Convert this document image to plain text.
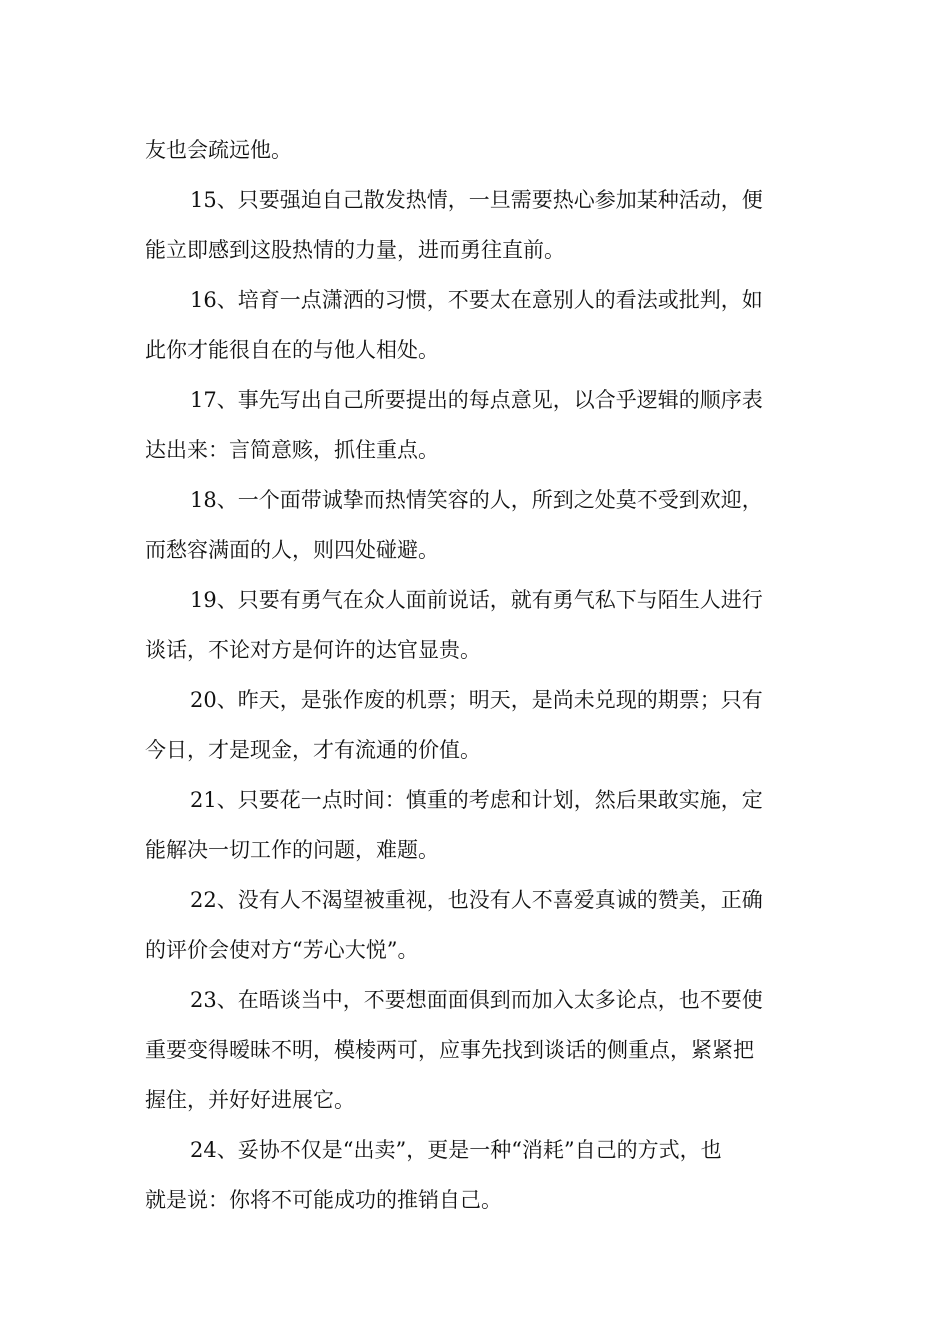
友也会疏远他。

15、只要强迫自己散发热情，一旦需要热心参加某种活动，便
能立即感到这股热情的力量，进而勇往直前。

16、培育一点潇洒的习惯，不要太在意别人的看法或批判，如
此你才能很自在的与他人相处。

17、事先写出自己所要提出的每点意见，以合乎逻辑的顺序表
达出来：言简意赅，抓住重点。

18、一个面带诚挚而热情笑容的人，所到之处莫不受到欢迎，
而愁容满面的人，则四处碰避。

19、只要有勇气在众人面前说话，就有勇气私下与陌生人进行
谈话，不论对方是何许的达官显贵。

20、昨天，是张作废的机票；明天，是尚未兑现的期票；只有
今日，才是现金，才有流通的价值。

21、只要花一点时间：慎重的考虑和计划，然后果敢实施，定
能解决一切工作的问题，难题。

22、没有人不渴望被重视，也没有人不喜爱真诚的赞美，正确
的评价会使对方“芳心大悦”。

23、在晤谈当中，不要想面面俱到而加入太多论点，也不要使
重要变得暧昧不明，模棱两可，应事先找到谈话的侧重点，紧紧把
握住，并好好进展它。

24、妥协不仅是“出卖”，更是一种“消耗”自己的方式，也
就是说：你将不可能成功的推销自己。
